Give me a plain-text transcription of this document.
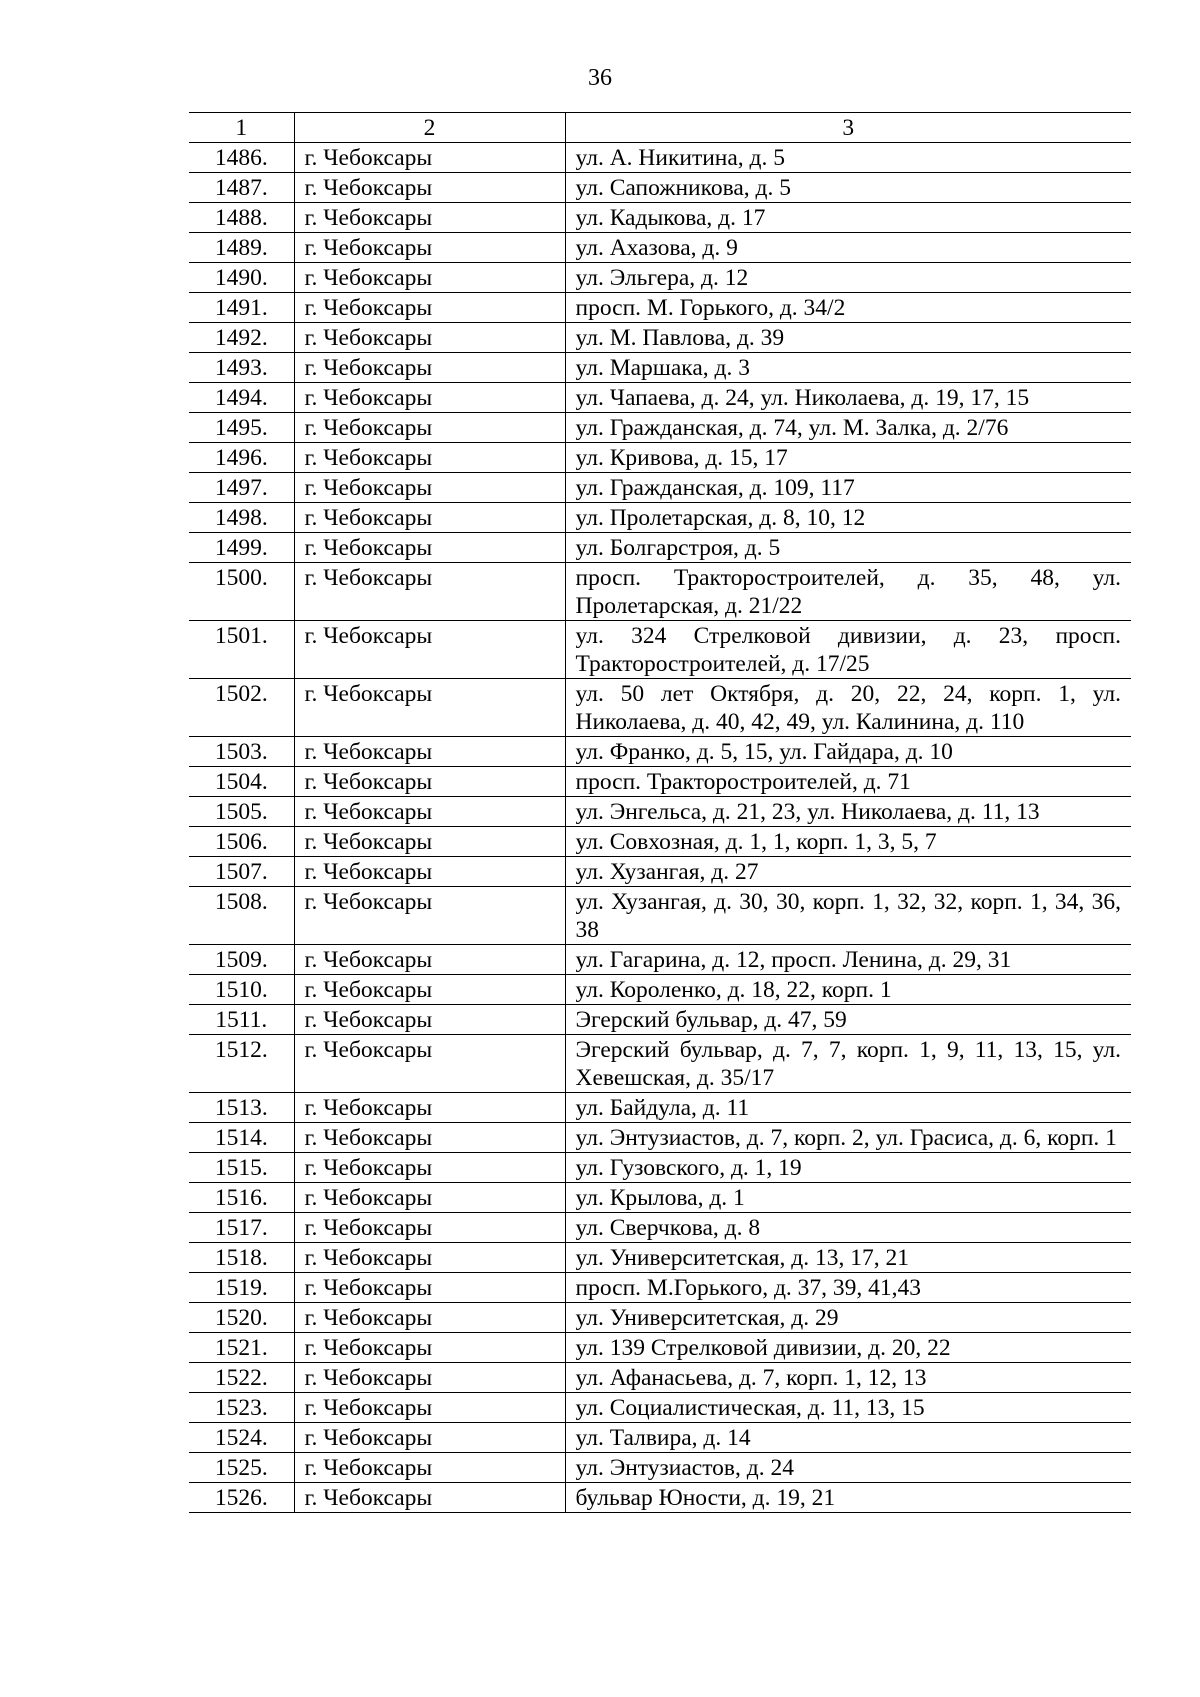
36
1	2	3
1486.	г. Чебоксары	ул. А. Никитина, д. 5
1487.	г. Чебоксары	ул. Сапожникова, д. 5
1488.	г. Чебоксары	ул. Кадыкова, д. 17
1489.	г. Чебоксары	ул. Ахазова, д. 9
1490.	г. Чебоксары	ул. Эльгера, д. 12
1491.	г. Чебоксары	просп. М. Горького, д. 34/2
1492.	г. Чебоксары	ул. М. Павлова, д. 39
1493.	г. Чебоксары	ул. Маршака, д. 3
1494.	г. Чебоксары	ул. Чапаева, д. 24, ул. Николаева, д. 19, 17, 15
1495.	г. Чебоксары	ул. Гражданская, д. 74, ул. М. Залка, д. 2/76
1496.	г. Чебоксары	ул. Кривова, д. 15, 17
1497.	г. Чебоксары	ул. Гражданская, д. 109, 117
1498.	г. Чебоксары	ул. Пролетарская, д. 8, 10, 12
1499.	г. Чебоксары	ул. Болгарстроя, д. 5
1500.	г. Чебоксары	просп. Тракторостроителей, д. 35, 48, ул. Пролетарская, д. 21/22
1501.	г. Чебоксары	ул. 324 Стрелковой дивизии, д. 23, просп. Тракторостроителей, д. 17/25
1502.	г. Чебоксары	ул. 50 лет Октября, д. 20, 22, 24, корп. 1, ул. Николаева, д. 40, 42, 49, ул. Калинина, д. 110
1503.	г. Чебоксары	ул. Франко, д. 5, 15, ул. Гайдара, д. 10
1504.	г. Чебоксары	просп. Тракторостроителей, д. 71
1505.	г. Чебоксары	ул. Энгельса, д. 21, 23, ул. Николаева, д. 11, 13
1506.	г. Чебоксары	ул. Совхозная, д. 1, 1, корп. 1, 3, 5, 7
1507.	г. Чебоксары	ул. Хузангая, д. 27
1508.	г. Чебоксары	ул. Хузангая, д. 30, 30, корп. 1, 32, 32, корп. 1, 34, 36, 38
1509.	г. Чебоксары	ул. Гагарина, д. 12, просп. Ленина, д. 29, 31
1510.	г. Чебоксары	ул. Короленко, д. 18, 22, корп. 1
1511.	г. Чебоксары	Эгерский бульвар, д. 47, 59
1512.	г. Чебоксары	Эгерский бульвар, д. 7, 7, корп. 1, 9, 11, 13, 15, ул. Хевешская, д. 35/17
1513.	г. Чебоксары	ул. Байдула, д. 11
1514.	г. Чебоксары	ул. Энтузиастов, д. 7, корп. 2, ул. Грасиса, д. 6, корп. 1
1515.	г. Чебоксары	ул. Гузовского, д. 1, 19
1516.	г. Чебоксары	ул. Крылова, д. 1
1517.	г. Чебоксары	ул. Сверчкова, д. 8
1518.	г. Чебоксары	ул. Университетская, д. 13, 17, 21
1519.	г. Чебоксары	просп. М.Горького, д. 37, 39, 41,43
1520.	г. Чебоксары	ул. Университетская, д. 29
1521.	г. Чебоксары	ул. 139 Стрелковой дивизии, д. 20, 22
1522.	г. Чебоксары	ул. Афанасьева, д. 7, корп. 1, 12, 13
1523.	г. Чебоксары	ул. Социалистическая, д. 11, 13, 15
1524.	г. Чебоксары	ул. Талвира, д. 14
1525.	г. Чебоксары	ул. Энтузиастов, д. 24
1526.	г. Чебоксары	бульвар Юности, д. 19, 21
